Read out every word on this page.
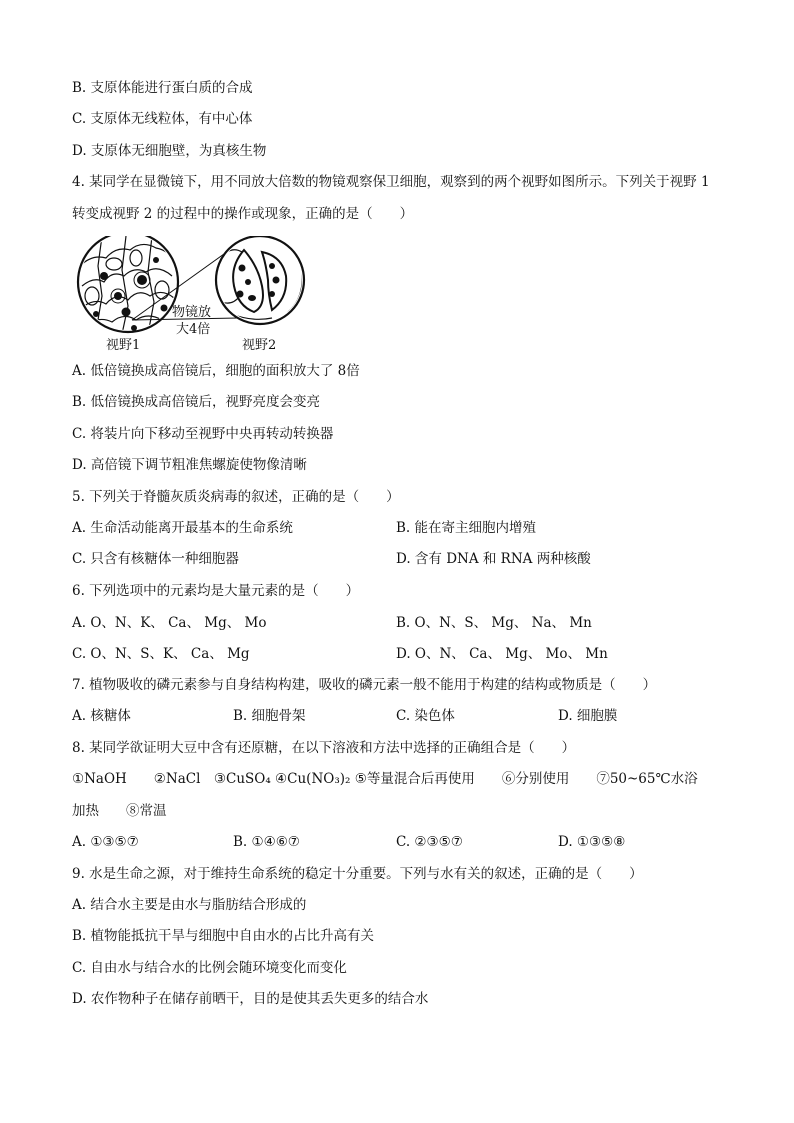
B. 支原体能进行蛋白质的合成
C. 支原体无线粒体，有中心体
D. 支原体无细胞壁，为真核生物
4. 某同学在显微镜下，用不同放大倍数的物镜观察保卫细胞，观察到的两个视野如图所示。下列关于视野 1
转变成视野 2 的过程中的操作或现象，正确的是（　　）
物镜放
大4倍
视野1	视野2
A. 低倍镜换成高倍镜后，细胞的面积放大了 8倍
B. 低倍镜换成高倍镜后，视野亮度会变亮
C. 将装片向下移动至视野中央再转动转换器
D. 高倍镜下调节粗准焦螺旋使物像清晰
5. 下列关于脊髓灰质炎病毒的叙述，正确的是（　　）
A. 生命活动能离开最基本的生命系统	B. 能在寄主细胞内增殖
C. 只含有核糖体一种细胞器	D. 含有 DNA 和 RNA 两种核酸
6. 下列选项中的元素均是大量元素的是（　　）
A. O、N、K、 Ca、 Mg、 Mo	B. O、N、S、 Mg、 Na、 Mn
C. O、N、S、K、 Ca、 Mg	D. O、N、 Ca、 Mg、 Mo、 Mn
7. 植物吸收的磷元素参与自身结构构建，吸收的磷元素一般不能用于构建的结构或物质是（　　）
A. 核糖体	B. 细胞骨架	C. 染色体	D. 细胞膜
8. 某同学欲证明大豆中含有还原糖，在以下溶液和方法中选择的正确组合是（　　）
①NaOH　　②NaCl　③CuSO₄ ④Cu(NO₃)₂ ⑤等量混合后再使用　　⑥分别使用　　⑦50~65℃水浴
加热　　⑧常温
A. ①③⑤⑦	B. ①④⑥⑦	C. ②③⑤⑦	D. ①③⑤⑧
9. 水是生命之源，对于维持生命系统的稳定十分重要。下列与水有关的叙述，正确的是（　　）
A. 结合水主要是由水与脂肪结合形成的
B. 植物能抵抗干旱与细胞中自由水的占比升高有关
C. 自由水与结合水的比例会随环境变化而变化
D. 农作物种子在储存前晒干，目的是使其丢失更多的结合水
